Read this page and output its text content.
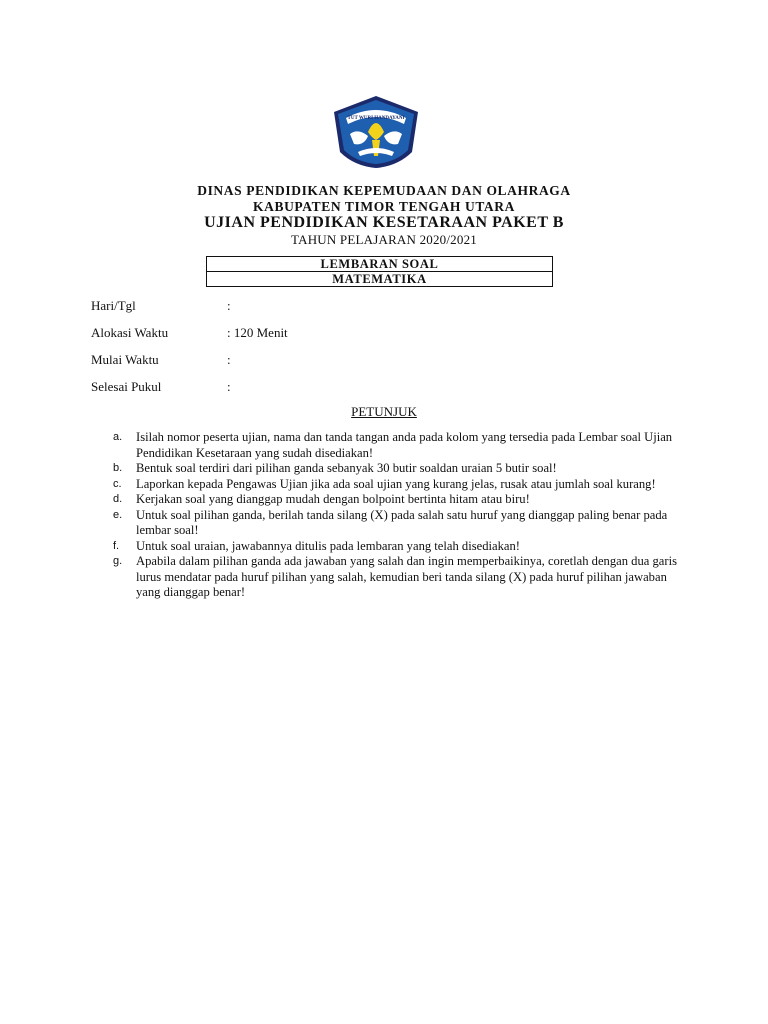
TUT WURI HANDAYANI
DINAS PENDIDIKAN KEPEMUDAAN DAN OLAHRAGA
KABUPATEN TIMOR TENGAH UTARA
UJIAN PENDIDIKAN KESETARAAN PAKET B
TAHUN PELAJARAN 2020/2021
LEMBARAN SOAL
MATEMATIKA
Hari/Tgl	:
Alokasi Waktu	: 120 Menit
Mulai Waktu	:
Selesai Pukul	:
PETUNJUK
a. Isilah nomor peserta ujian, nama dan tanda tangan anda pada kolom yang tersedia pada Lembar soal Ujian Pendidikan Kesetaraan yang sudah disediakan!
b. Bentuk soal terdiri dari pilihan ganda sebanyak 30 butir soaldan uraian 5 butir soal!
c. Laporkan kepada Pengawas Ujian jika ada soal ujian yang kurang jelas, rusak atau jumlah soal kurang!
d. Kerjakan soal yang dianggap mudah dengan bolpoint bertinta hitam atau biru!
e. Untuk soal pilihan ganda, berilah tanda silang (X) pada salah satu huruf yang dianggap paling benar pada lembar soal!
f. Untuk soal uraian, jawabannya ditulis pada lembaran yang telah disediakan!
g. Apabila dalam pilihan ganda ada jawaban yang salah dan ingin memperbaikinya, coretlah dengan dua garis lurus mendatar pada huruf pilihan yang salah, kemudian beri tanda silang (X) pada huruf pilihan jawaban yang dianggap benar!
